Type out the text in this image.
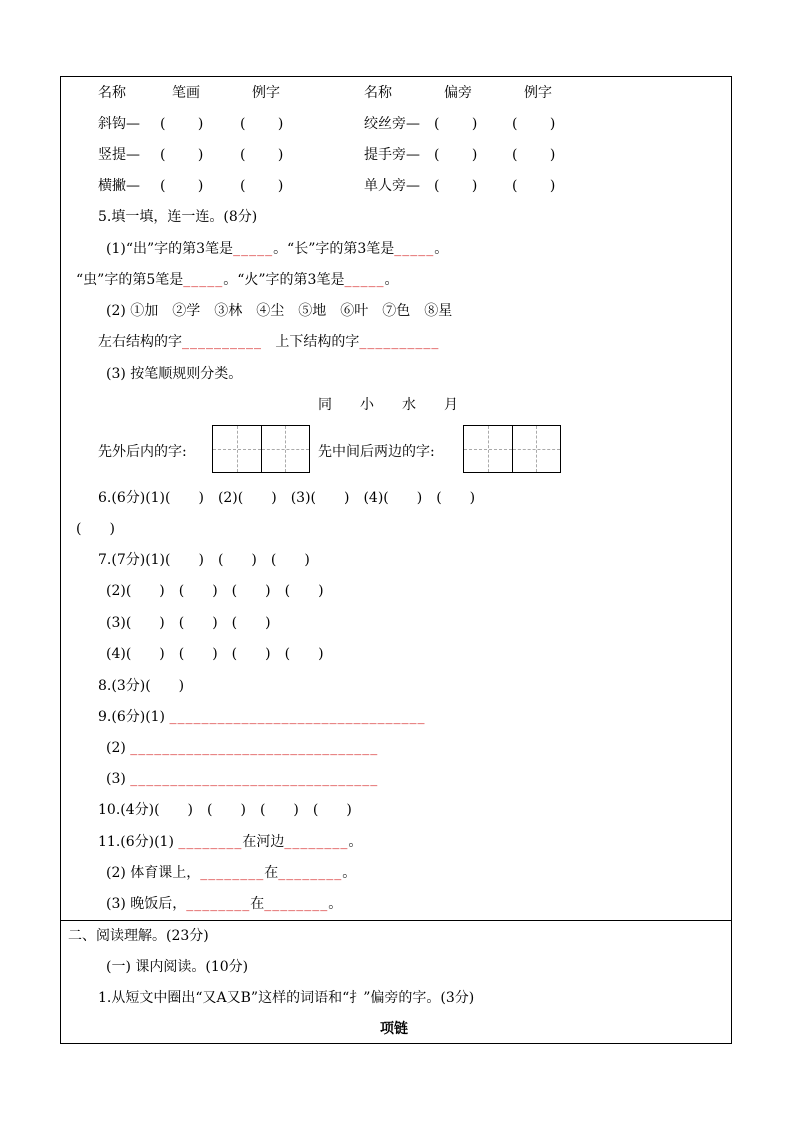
名称	笔画	例字	名称	偏旁	例字
斜钩— (　 　)	(　 　)	绞丝旁— (　 　) (　 　)
竖提— (　 　)	(　 　)	提手旁— (　 　) (　 　)
横撇— (　 　)	(　 　)	单人旁— (　 　) (　 　)
5.填一填，连一连。(8分)
(1)“出”字的第3笔是_____。“长”字的第3笔是_____。
“虫”字的第5笔是_____。“火”字的第3笔是_____。
(2) ①加　②学　③林　④尘　⑤地　⑥叶　⑦色　⑧星
左右结构的字__________ 上下结构的字__________
(3) 按笔顺规则分类。
同　　小　　水　　月
先外后内的字:	先中间后两边的字:
6.(6分)(1)(　　)　(2)(　　)　(3)(　　)　(4)(　　)　(　　)
(　　)
7.(7分)(1)(　　)　(　　)　(　　)
(2)(　　)　(　　)　(　　)　(　　)
(3)(　　)　(　　)　(　　)
(4)(　　)　(　　)　(　　)　(　　)
8.(3分)(　　)
9.(6分)(1) ________________________________
(2) _______________________________
(3) _______________________________
10.(4分)(　　)　(　　)　(　　)　(　　)
11.(6分)(1) ________在河边________。
(2) 体育课上，________在________。
(3) 晚饭后，________在________。
二、阅读理解。(23分)
(一) 课内阅读。(10分)
1.从短文中圈出“又A又B”这样的词语和“扌”偏旁的字。(3分)
项链
